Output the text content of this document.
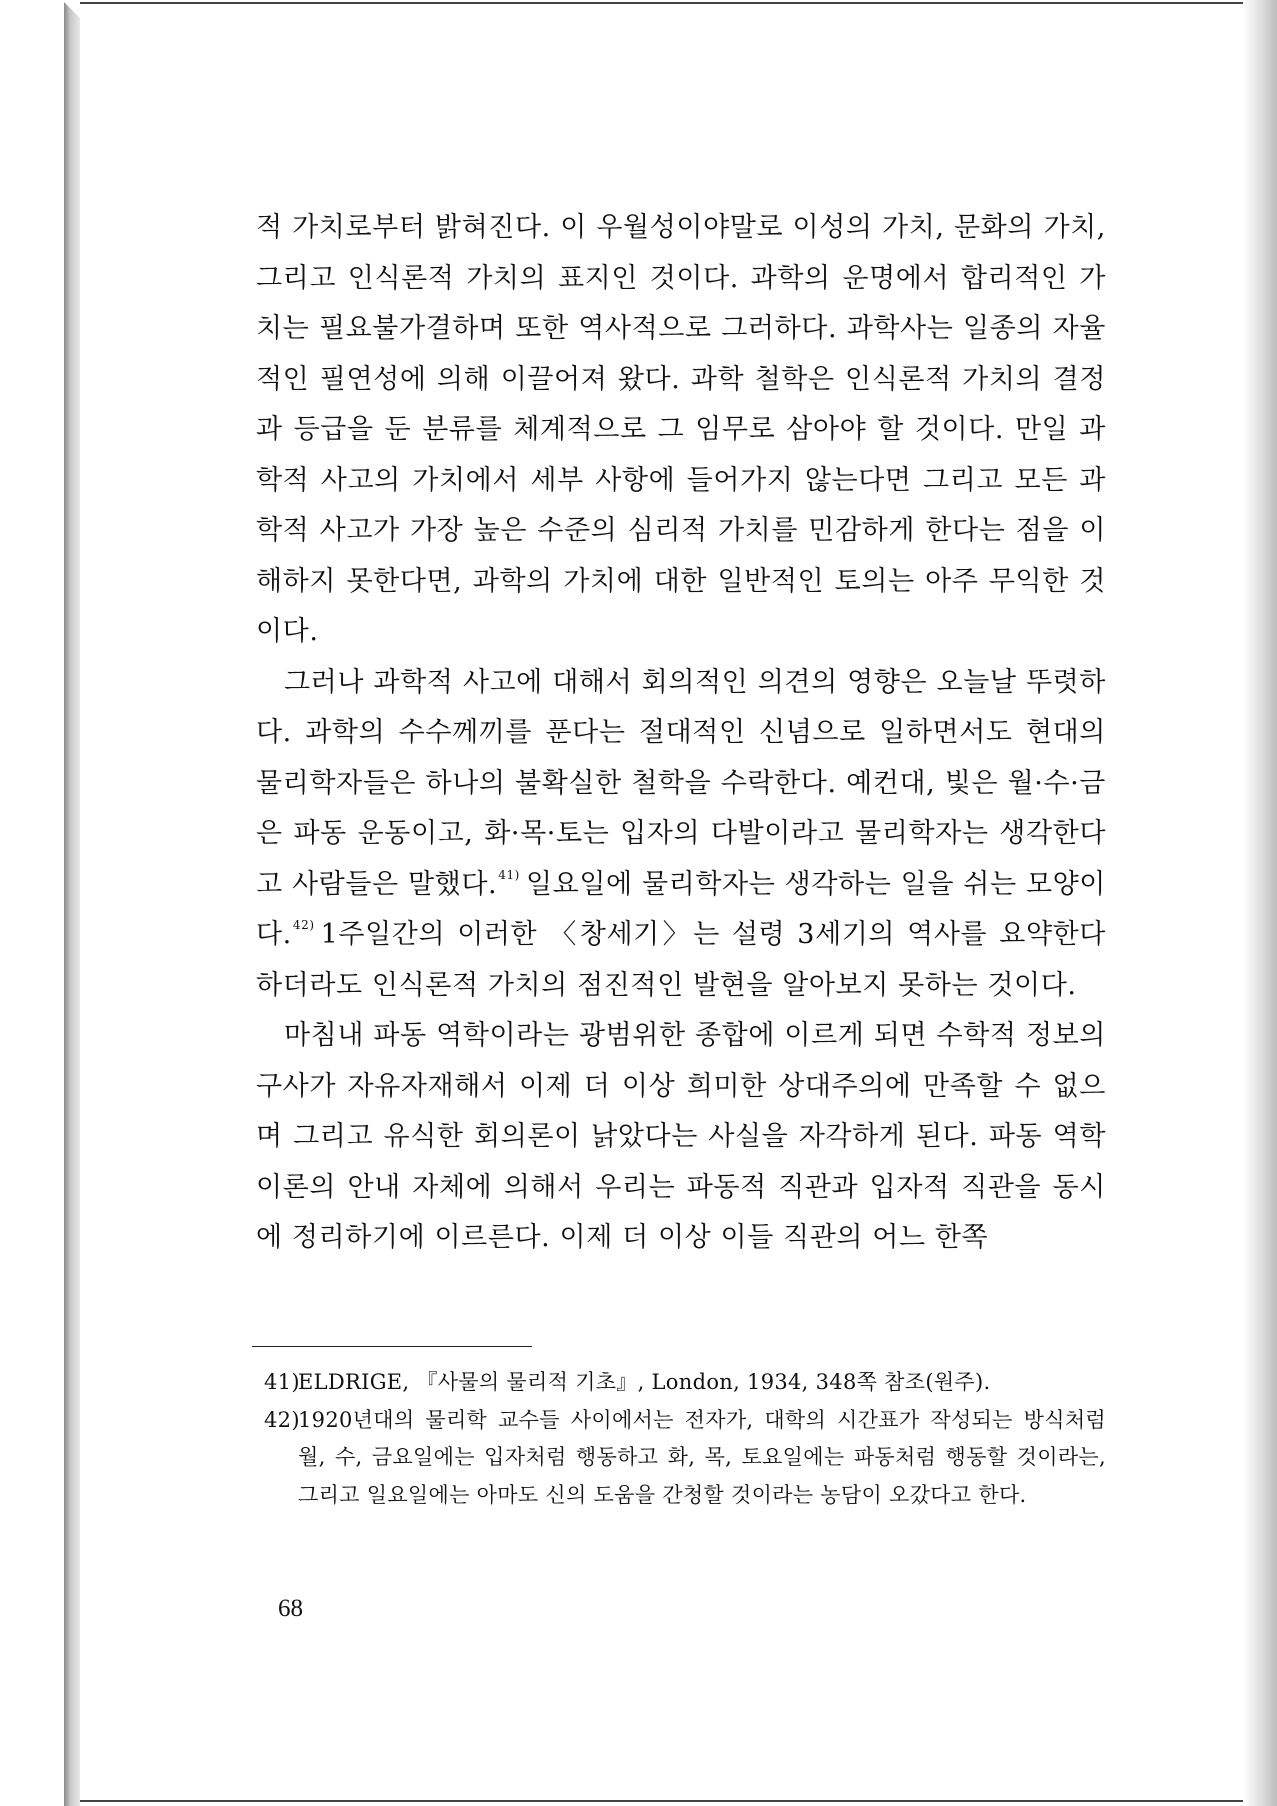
적 가치로부터 밝혀진다. 이 우월성이야말로 이성의 가치, 문화의 가치, 그리고 인식론적 가치의 표지인 것이다. 과학의 운명에서 합리적인 가치는 필요불가결하며 또한 역사적으로 그러하다. 과학사는 일종의 자율적인 필연성에 의해 이끌어져 왔다. 과학 철학은 인식론적 가치의 결정과 등급을 둔 분류를 체계적으로 그 임무로 삼아야 할 것이다. 만일 과학적 사고의 가치에서 세부 사항에 들어가지 않는다면 그리고 모든 과학적 사고가 가장 높은 수준의 심리적 가치를 민감하게 한다는 점을 이해하지 못한다면, 과학의 가치에 대한 일반적인 토의는 아주 무익한 것이다.

그러나 과학적 사고에 대해서 회의적인 의견의 영향은 오늘날 뚜렷하다. 과학의 수수께끼를 푼다는 절대적인 신념으로 일하면서도 현대의 물리학자들은 하나의 불확실한 철학을 수락한다. 예컨대, 빛은 월·수·금은 파동 운동이고, 화·목·토는 입자의 다발이라고 물리학자는 생각한다고 사람들은 말했다.$^{41)}$ 일요일에 물리학자는 생각하는 일을 쉬는 모양이다.$^{42)}$ 1주일간의 이러한 〈창세기〉는 설령 3세기의 역사를 요약한다 하더라도 인식론적 가치의 점진적인 발현을 알아보지 못하는 것이다.

마침내 파동 역학이라는 광범위한 종합에 이르게 되면 수학적 정보의 구사가 자유자재해서 이제 더 이상 희미한 상대주의에 만족할 수 없으며 그리고 유식한 회의론이 낡았다는 사실을 자각하게 된다. 파동 역학 이론의 안내 자체에 의해서 우리는 파동적 직관과 입자적 직관을 동시에 정리하기에 이르른다. 이제 더 이상 이들 직관의 어느 한쪽

41)
ELDRIGE, 『사물의 물리적 기초』, London, 1934, 348쪽 참조(원주).

42)
1920년대의 물리학 교수들 사이에서는 전자가, 대학의 시간표가 작성되는 방식처럼 월, 수, 금요일에는 입자처럼 행동하고 화, 목, 토요일에는 파동처럼 행동할 것이라는, 그리고 일요일에는 아마도 신의 도움을 간청할 것이라는 농담이 오갔다고 한다.

68
